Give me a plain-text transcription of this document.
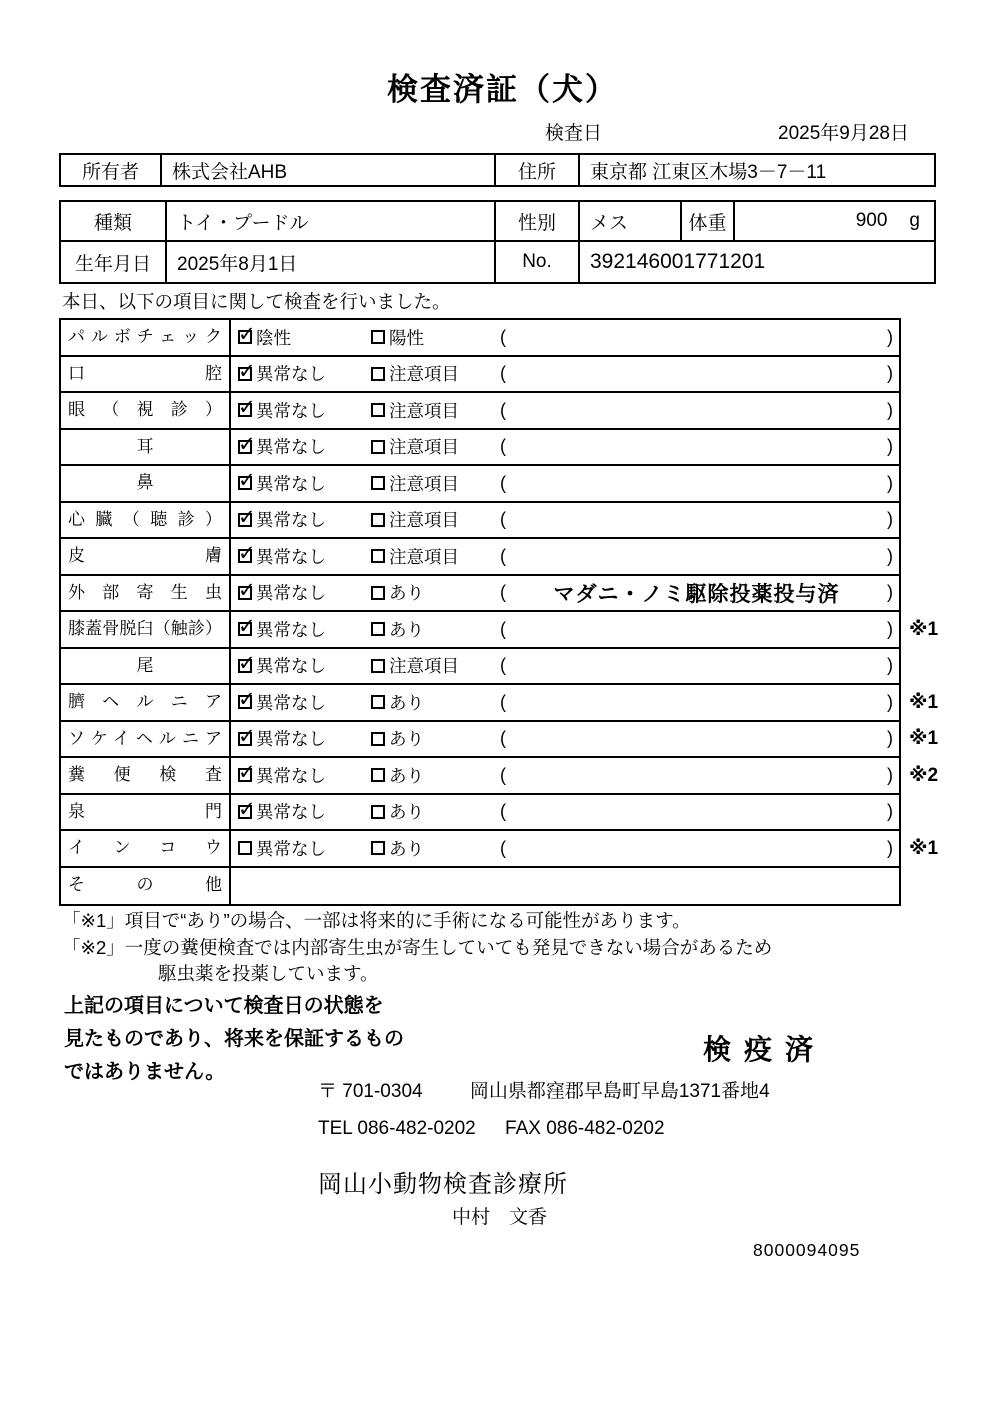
検査済証（犬）
検査日	2025年9月28日
所有者	株式会社AHB	住所	東京都 江東区木場3－7－11
種類	トイ・プードル	性別	メス	体重	900 g
生年月日	2025年8月1日	No.	392146001771201
本日、以下の項目に関して検査を行いました。
パルボチェック ✓	陰性	陽性	(	)
口腔 ✓	異常なし	注意項目 (	)
眼（視診） ✓	異常なし	注意項目 (	)
耳 ✓	異常なし	注意項目 (	)
鼻 ✓	異常なし	注意項目 (	)
心臓（聴診） ✓	異常なし	注意項目 (	)
皮膚 ✓	異常なし	注意項目 (	)
外部寄生虫 ✓	異常なし	あり	(	マダニ・ノミ駆除投薬投与済	)
膝蓋骨脱臼（触診） ✓	異常なし	あり	(	) ※1
尾 ✓	異常なし	注意項目 (	)
臍ヘルニア ✓	異常なし	あり	(	) ※1
ソケイヘルニア ✓	異常なし	あり	(	) ※1
糞便検査 ✓	異常なし	あり	(	) ※2
泉門 ✓	異常なし	あり	(	)
インコウ	異常なし	あり	(	) ※1
その他
「※1」項目で“あり”の場合、一部は将来的に手術になる可能性があります。
「※2」一度の糞便検査では内部寄生虫が寄生していても発見できない場合があるため
駆虫薬を投薬しています。
上記の項目について検査日の状態を
見たものであり、将来を保証するもの
ではありません。
検疫済
〒 701-0304 岡山県都窪郡早島町早島1371番地4
TEL 086-482-0202 FAX 086-482-0202
岡山小動物検査診療所
中村　文香
8000094095
